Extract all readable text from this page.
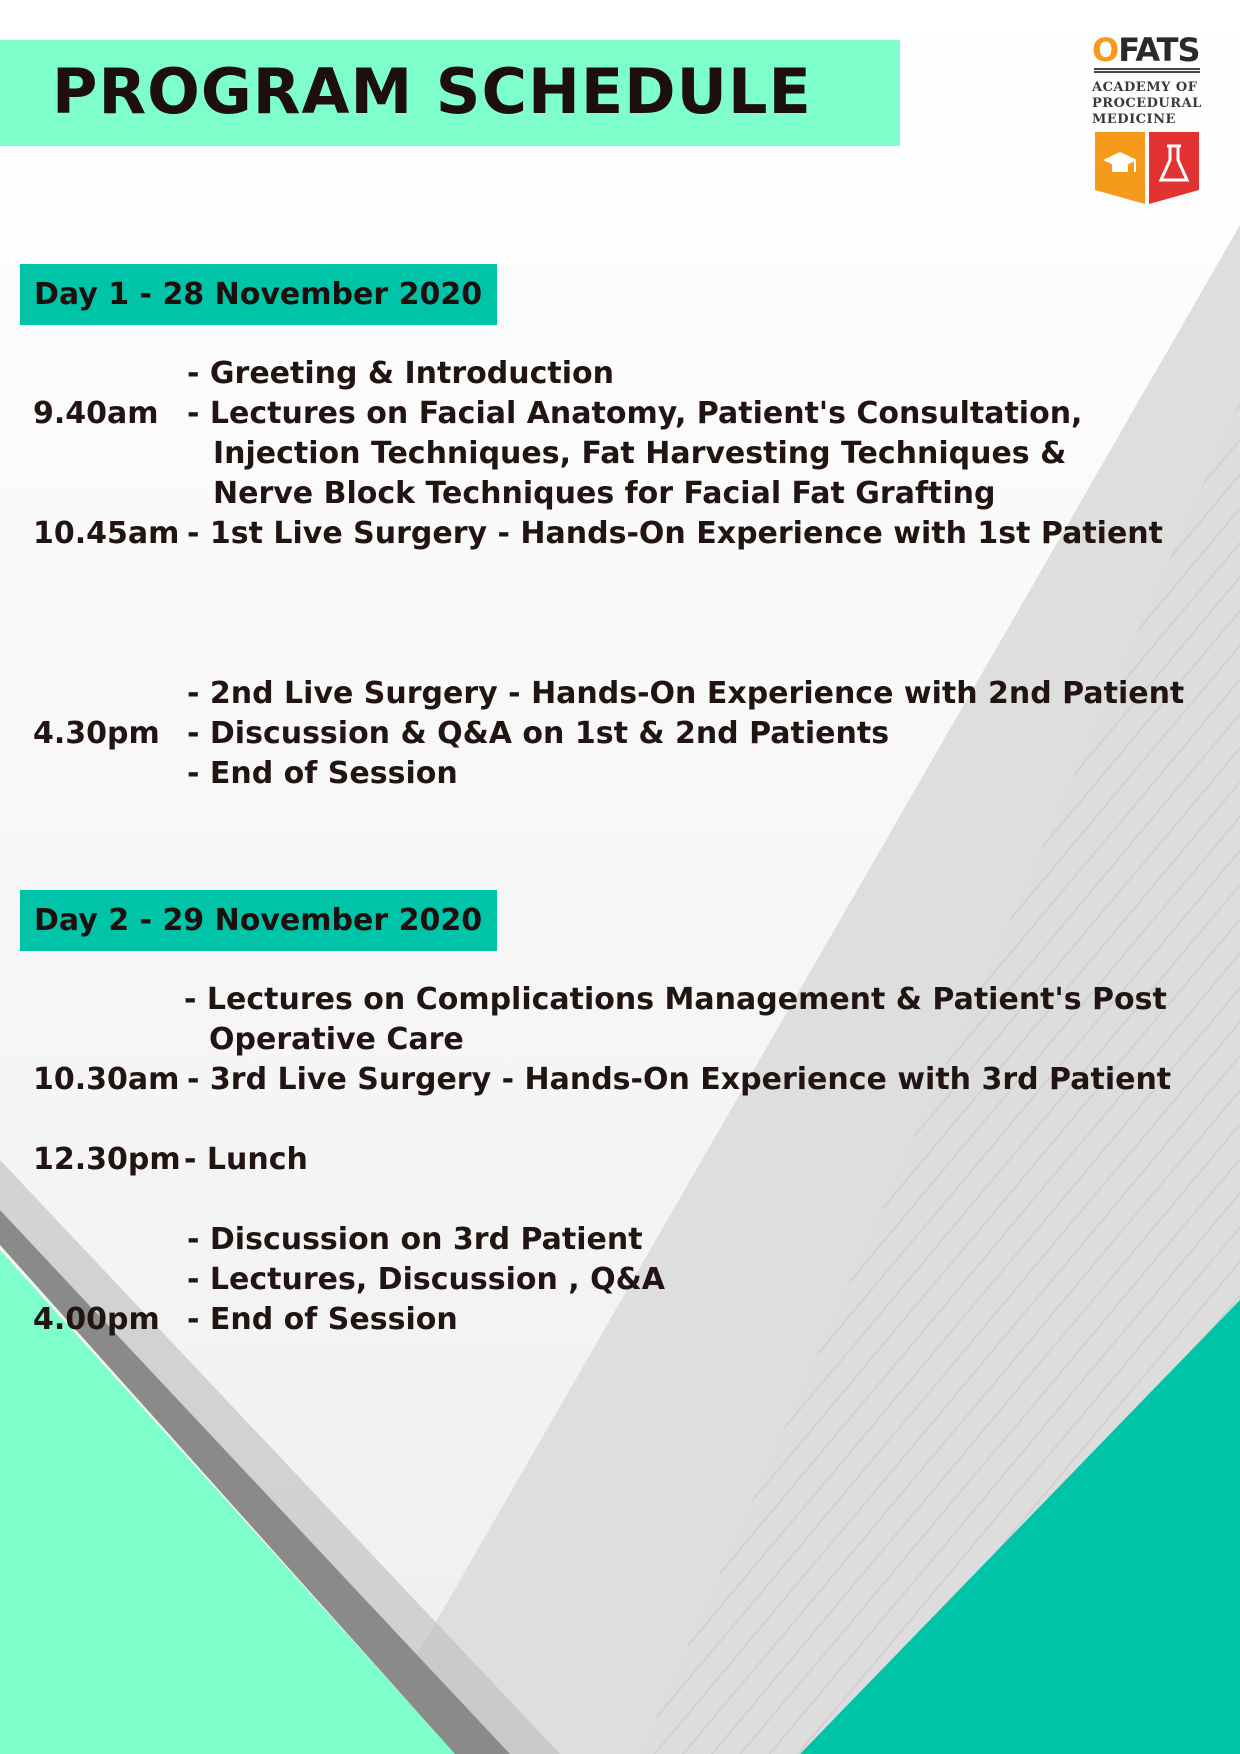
PROGRAM SCHEDULE
OFATS
ACADEMY OF
PROCEDURAL
MEDICINE
Day 1 - 28 November 2020
- Greeting & Introduction
9.40am - Lectures on Facial Anatomy, Patient's Consultation,
Injection Techniques, Fat Harvesting Techniques &
Nerve Block Techniques for Facial Fat Grafting
10.45am - 1st Live Surgery - Hands-On Experience with 1st Patient
- 2nd Live Surgery - Hands-On Experience with 2nd Patient
4.30pm - Discussion & Q&A on 1st & 2nd Patients
- End of Session
Day 2 - 29 November 2020
- Lectures on Complications Management & Patient's Post
Operative Care
10.30am - 3rd Live Surgery - Hands-On Experience with 3rd Patient
12.30pm - Lunch
- Discussion on 3rd Patient
- Lectures, Discussion , Q&A
4.00pm - End of Session
